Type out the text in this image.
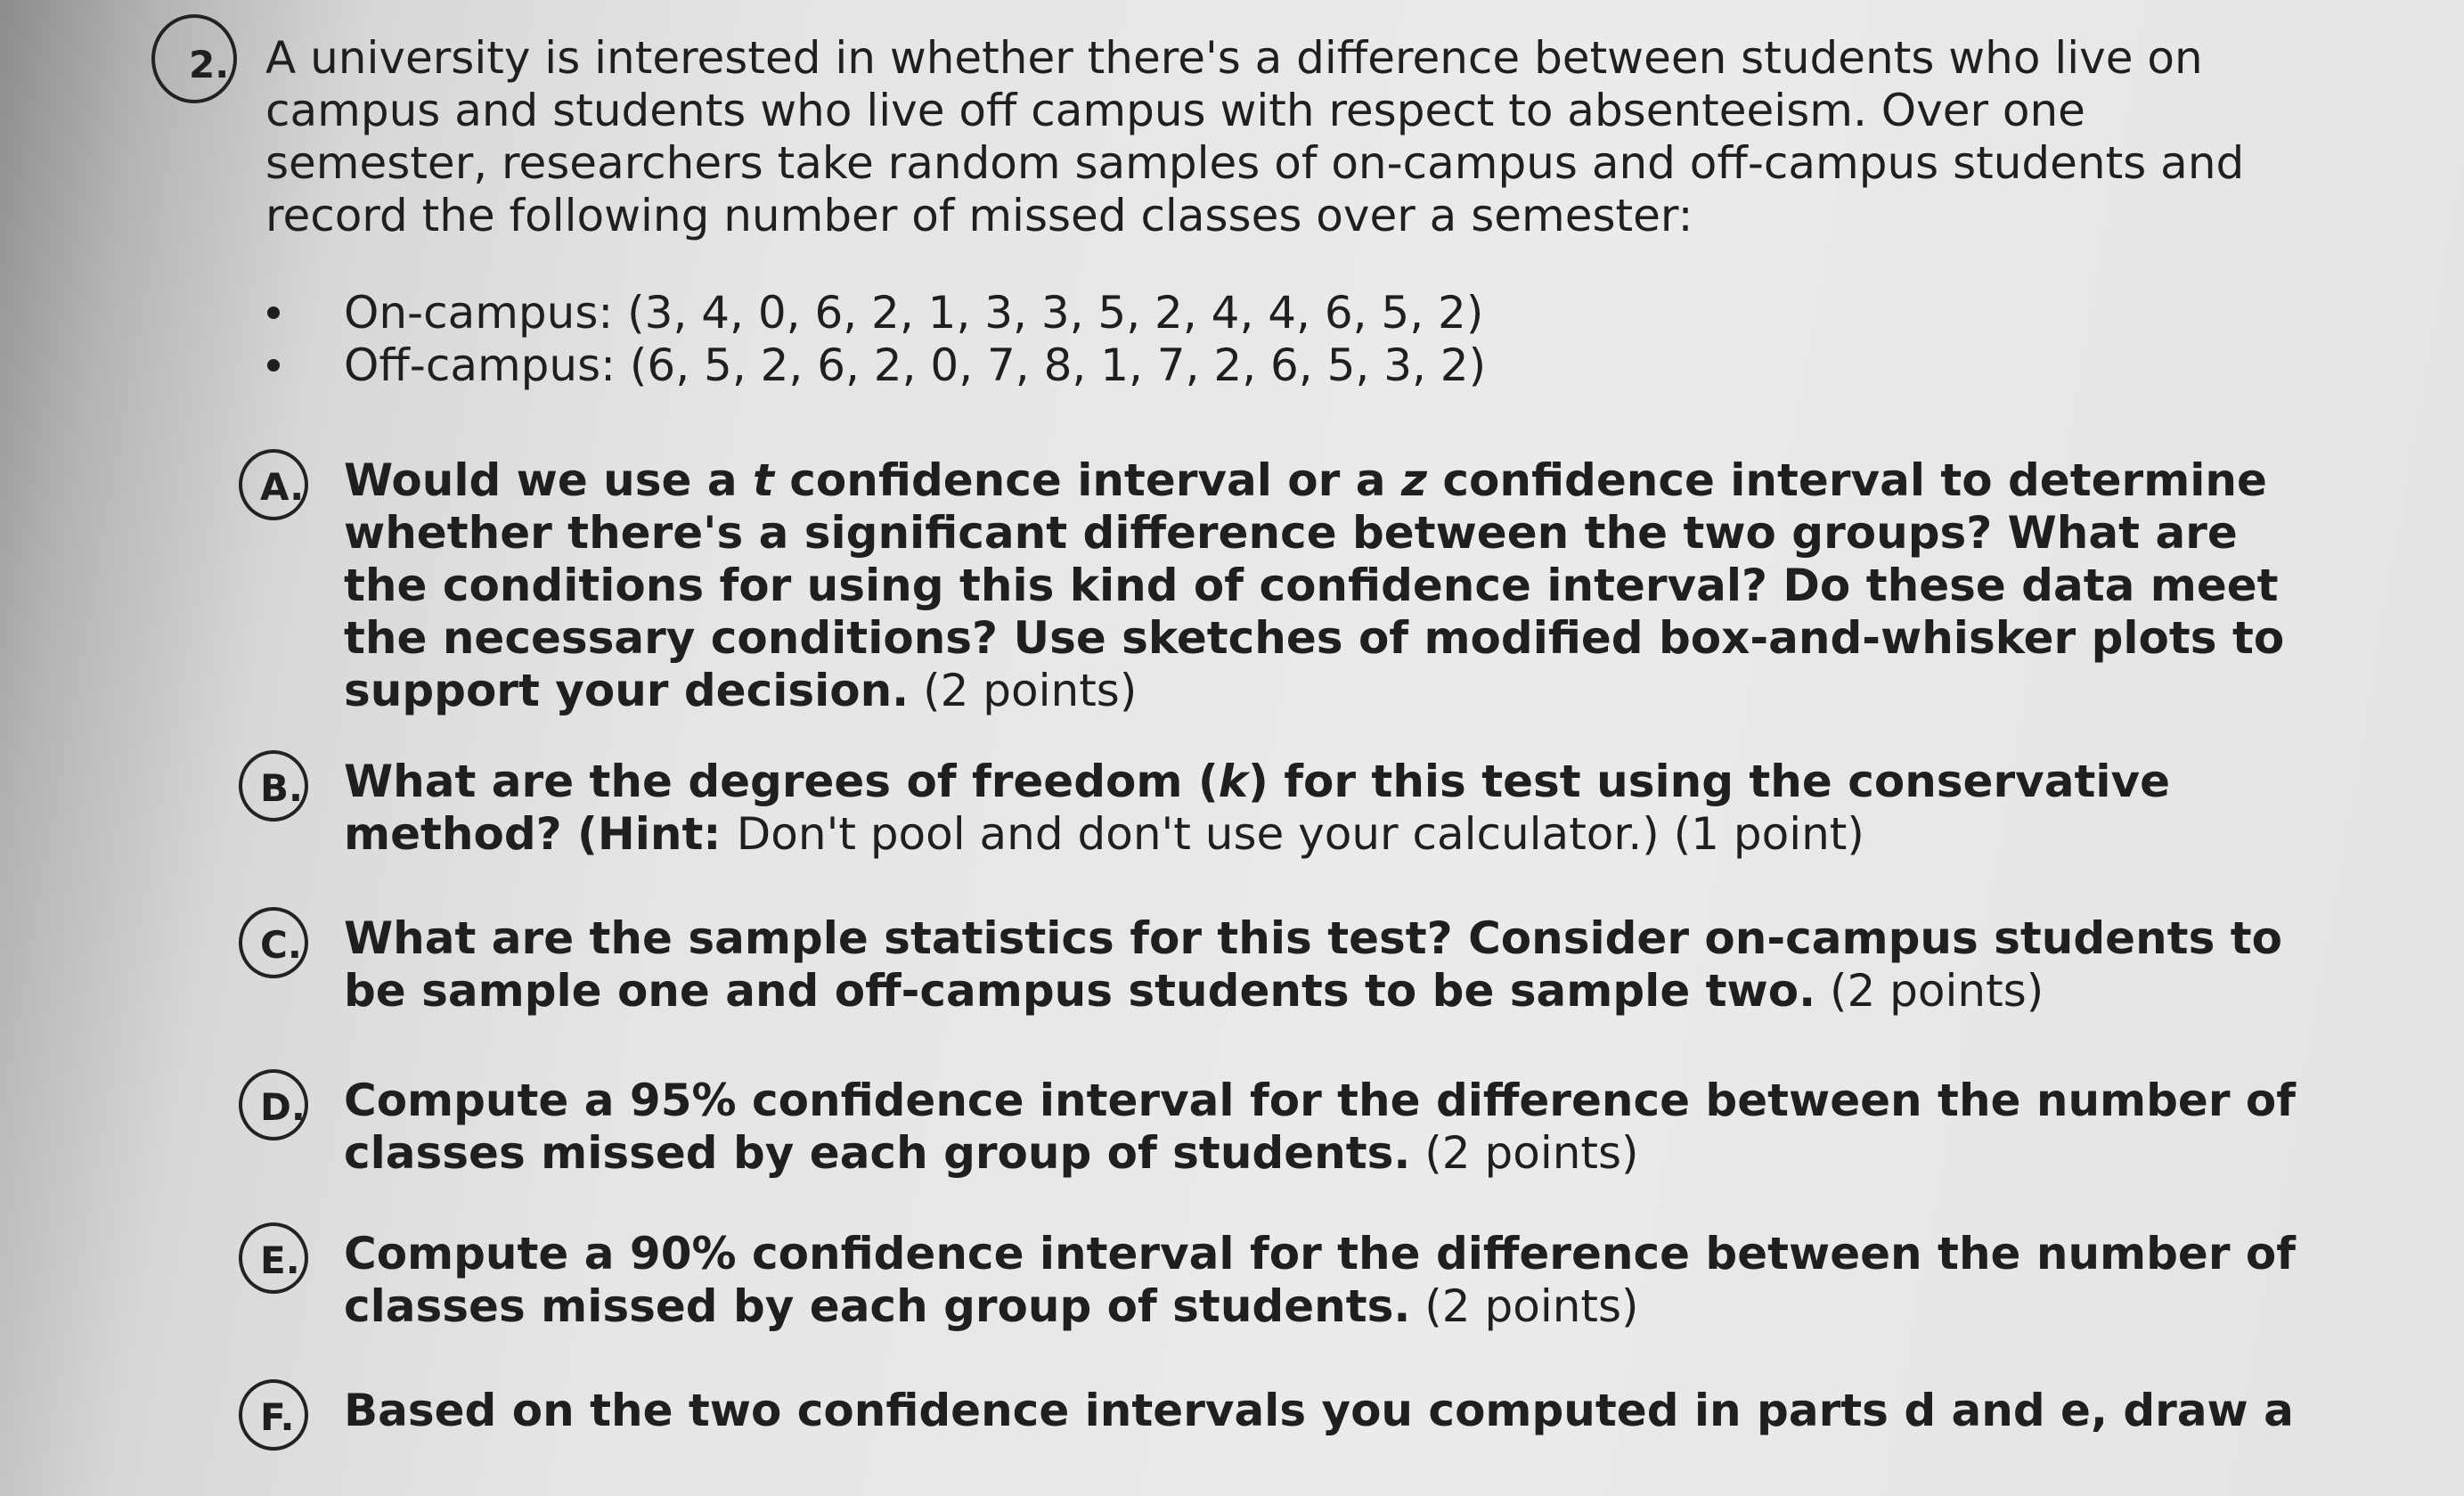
2. A university is interested in whether there's a difference between students who live on
campus and students who live off campus with respect to absenteeism. Over one
semester, researchers take random samples of on-campus and off-campus students and
record the following number of missed classes over a semester:
On-campus: (3, 4, 0, 6, 2, 1, 3, 3, 5, 2, 4, 4, 6, 5, 2)
Off-campus: (6, 5, 2, 6, 2, 0, 7, 8, 1, 7, 2, 6, 5, 3, 2)
A. Would we use a t confidence interval or a z confidence interval to determine
whether there's a significant difference between the two groups? What are
the conditions for using this kind of confidence interval? Do these data meet
the necessary conditions? Use sketches of modified box-and-whisker plots to
support your decision. (2 points)
B. What are the degrees of freedom (k) for this test using the conservative
method? (Hint: Don't pool and don't use your calculator.) (1 point)
C. What are the sample statistics for this test? Consider on-campus students to
be sample one and off-campus students to be sample two. (2 points)
D. Compute a 95% confidence interval for the difference between the number of
classes missed by each group of students. (2 points)
E. Compute a 90% confidence interval for the difference between the number of
classes missed by each group of students. (2 points)
F. Based on the two confidence intervals you computed in parts d and e, draw a
